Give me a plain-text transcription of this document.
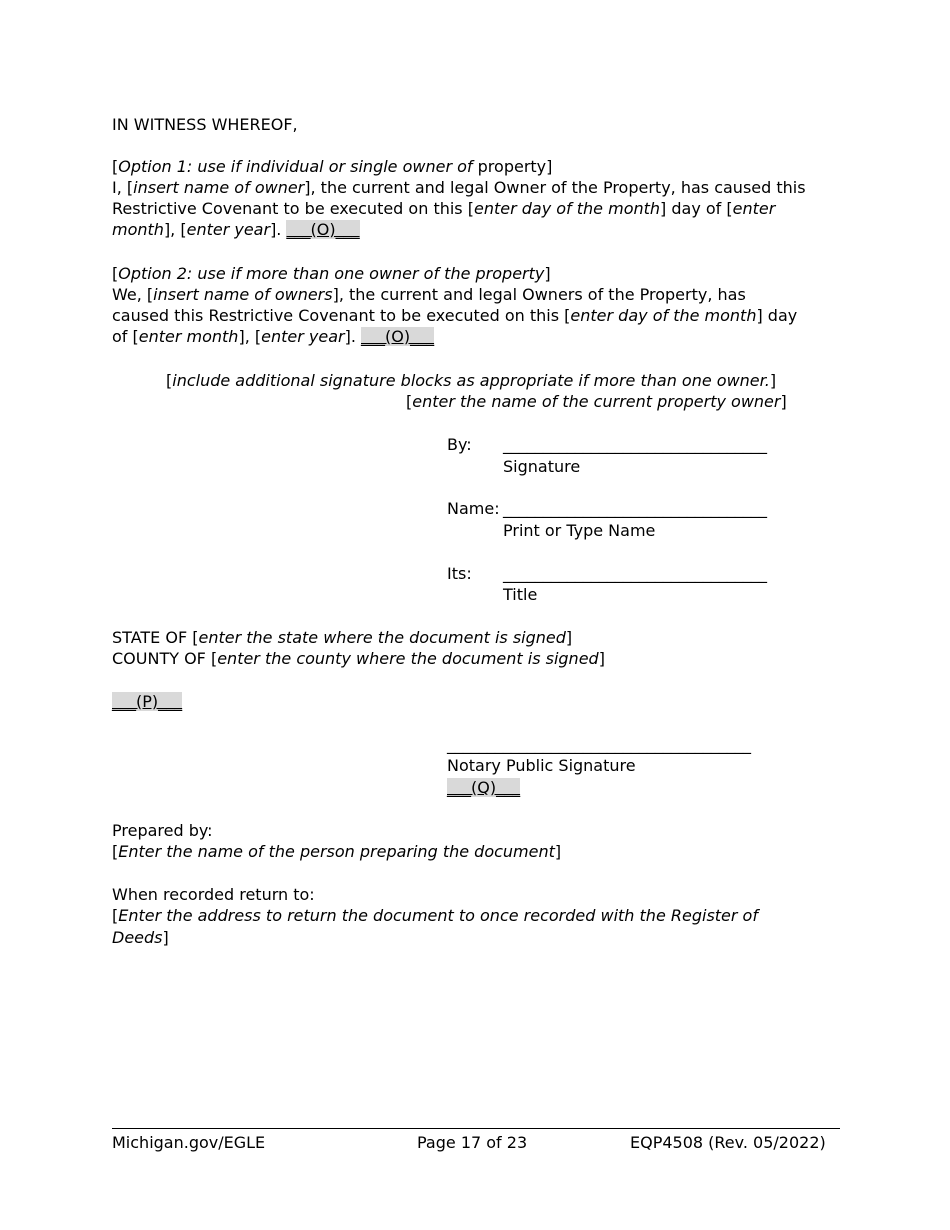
IN WITNESS WHEREOF,
[Option 1: use if individual or single owner of property]
I, [insert name of owner], the current and legal Owner of the Property, has caused this
Restrictive Covenant to be executed on this [enter day of the month] day of [enter
month], [enter year]. ___(O)___
[Option 2: use if more than one owner of the property]
We, [insert name of owners], the current and legal Owners of the Property, has
caused this Restrictive Covenant to be executed on this [enter day of the month] day
of [enter month], [enter year]. ___(O)___
[include additional signature blocks as appropriate if more than one owner.]
[enter the name of the current property owner]
By: _________________________________
Signature
Name: _________________________________
Print or Type Name
Its: _________________________________
Title
STATE OF [enter the state where the document is signed]
COUNTY OF [enter the county where the document is signed]
___(P)___
______________________________________
Notary Public Signature
___(Q)___
Prepared by:
[Enter the name of the person preparing the document]
When recorded return to:
[Enter the address to return the document to once recorded with the Register of
Deeds]
Michigan.gov/EGLE	Page 17 of 23	EQP4508 (Rev. 05/2022)
